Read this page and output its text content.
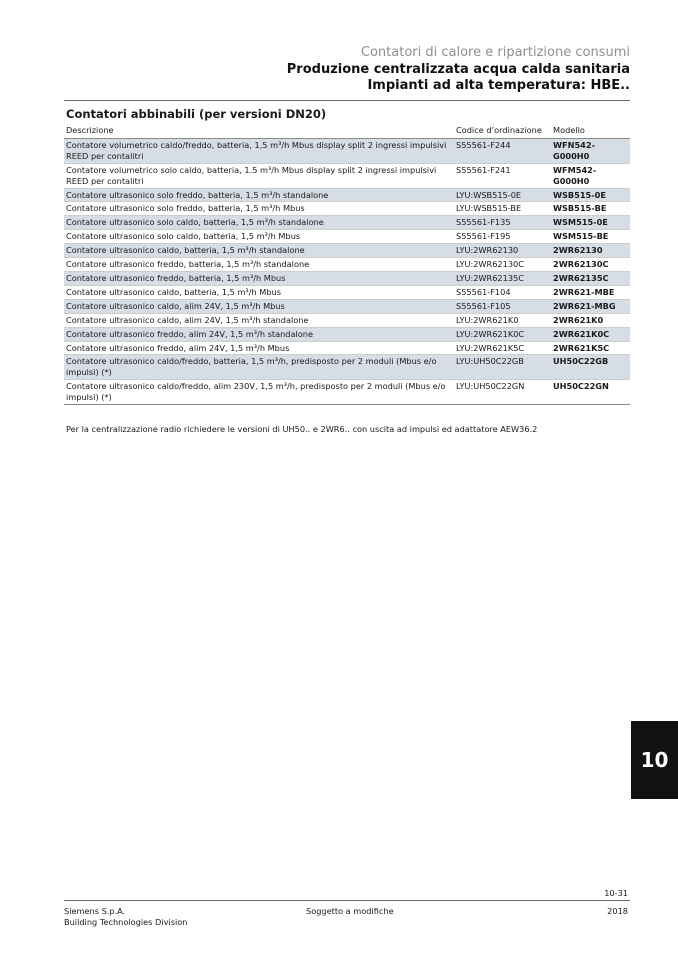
Contatori di calore e ripartizione consumi
Produzione centralizzata acqua calda sanitaria
Impianti ad alta temperatura: HBE..
Contatori abbinabili (per versioni DN20)
Descrizione	Codice d’ordinazione	Modello
Contatore volumetrico caldo/freddo, batteria, 1,5 m³/h Mbus display split 2 ingressi impulsivi REED per contalitri	S55561-F244	WFN542-G000H0
Contatore volumetrico solo caldo, batteria, 1.5 m³/h Mbus display split 2 ingressi impulsivi REED per contalitri	S55561-F241	WFM542-G000H0
Contatore ultrasonico solo freddo, batteria, 1,5 m³/h standalone	LYU:WSB515-0E	WSB515-0E
Contatore ultrasonico solo freddo, batteria, 1,5 m³/h Mbus	LYU:WSB515-BE	WSB515-BE
Contatore ultrasonico solo caldo, batteria, 1,5 m³/h standalone	S55561-F135	WSM515-0E
Contatore ultrasonico solo caldo, batteria, 1,5 m³/h Mbus	S55561-F195	WSM515-BE
Contatore ultrasonico caldo, batteria, 1,5 m³/h standalone	LYU:2WR62130	2WR62130
Contatore ultrasonico freddo, batteria, 1,5 m³/h standalone	LYU:2WR62130C	2WR62130C
Contatore ultrasonico freddo, batteria, 1,5 m³/h Mbus	LYU:2WR62135C	2WR62135C
Contatore ultrasonico caldo, batteria, 1,5 m³/h Mbus	S55561-F104	2WR621-MBE
Contatore ultrasonico caldo, alim 24V, 1,5 m³/h Mbus	S55561-F105	2WR621-MBG
Contatore ultrasonico caldo, alim 24V, 1,5 m³/h standalone	LYU:2WR621K0	2WR621K0
Contatore ultrasonico freddo, alim 24V, 1,5 m³/h standalone	LYU:2WR621K0C	2WR621K0C
Contatore ultrasonico freddo, alim 24V, 1,5 m³/h Mbus	LYU:2WR621K5C	2WR621K5C
Contatore ultrasonico caldo/freddo, batteria, 1,5 m³/h, predisposto per 2 moduli (Mbus e/o impulsi) (*)	LYU:UH50C22GB	UH50C22GB
Contatore ultrasonico caldo/freddo, alim 230V, 1,5 m³/h, predisposto per 2 moduli (Mbus e/o impulsi) (*)	LYU:UH50C22GN	UH50C22GN
Per la centralizzazione radio richiedere le versioni di UH50.. e 2WR6.. con uscita ad impulsi ed adattatore AEW36.2
10
10-31
Siemens S.p.A.
Building Technologies Division
Soggetto a modifiche	2018
